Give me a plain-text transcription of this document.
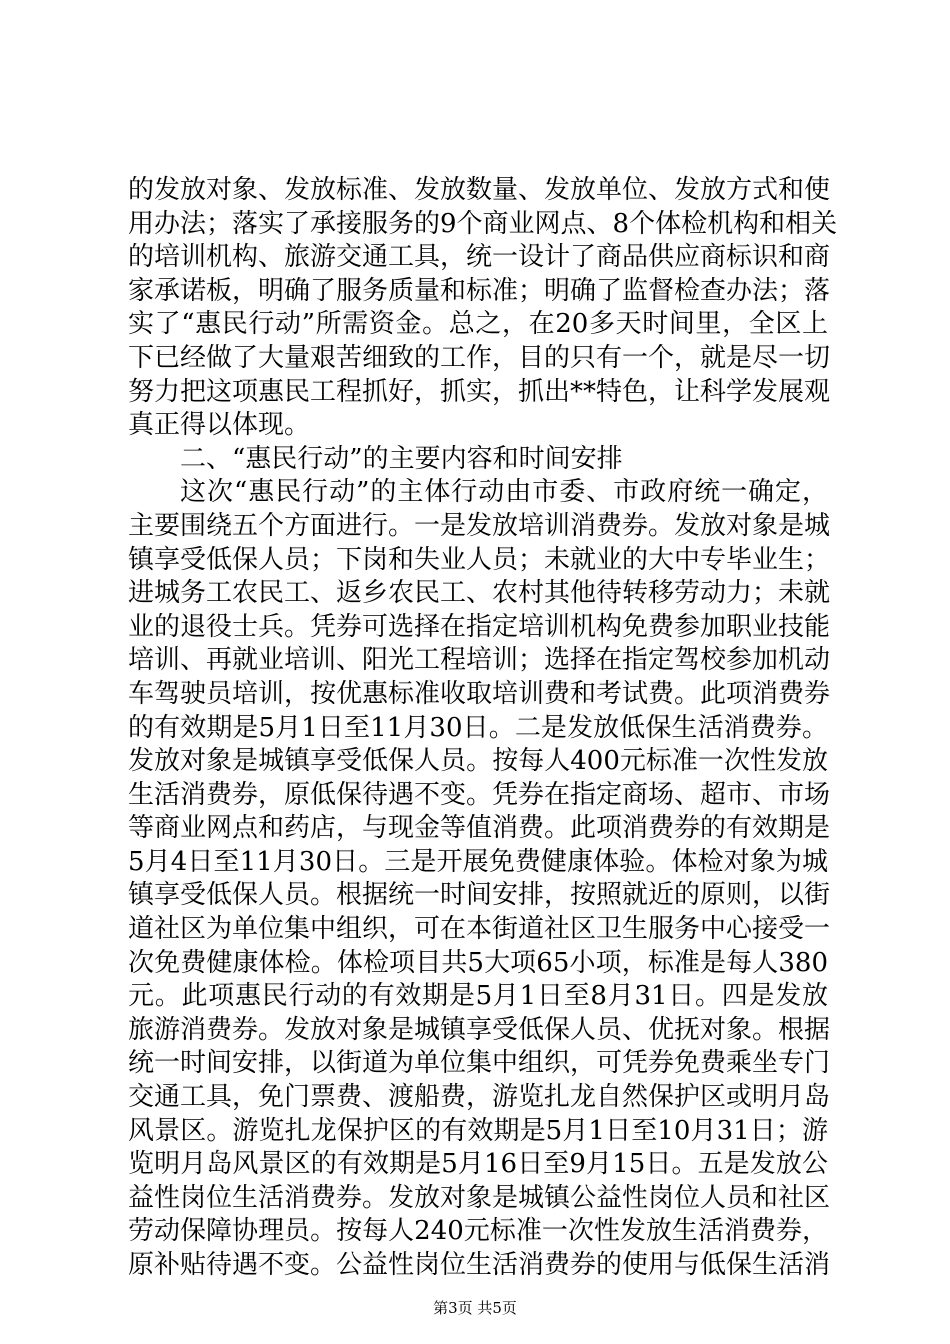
的发放对象、发放标准、发放数量、发放单位、发放方式和使
用办法；落实了承接服务的9个商业网点、8个体检机构和相关
的培训机构、旅游交通工具，统一设计了商品供应商标识和商
家承诺板，明确了服务质量和标准；明确了监督检查办法；落
实了“惠民行动”所需资金。总之，在20多天时间里，全区上
下已经做了大量艰苦细致的工作，目的只有一个，就是尽一切
努力把这项惠民工程抓好，抓实，抓出**特色，让科学发展观
真正得以体现。
二、“惠民行动”的主要内容和时间安排
这次“惠民行动”的主体行动由市委、市政府统一确定，
主要围绕五个方面进行。一是发放培训消费券。发放对象是城
镇享受低保人员；下岗和失业人员；未就业的大中专毕业生；
进城务工农民工、返乡农民工、农村其他待转移劳动力；未就
业的退役士兵。凭券可选择在指定培训机构免费参加职业技能
培训、再就业培训、阳光工程培训；选择在指定驾校参加机动
车驾驶员培训，按优惠标准收取培训费和考试费。此项消费券
的有效期是5月1日至11月30日。二是发放低保生活消费券。
发放对象是城镇享受低保人员。按每人400元标准一次性发放
生活消费券，原低保待遇不变。凭券在指定商场、超市、市场
等商业网点和药店，与现金等值消费。此项消费券的有效期是
5月4日至11月30日。三是开展免费健康体验。体检对象为城
镇享受低保人员。根据统一时间安排，按照就近的原则，以街
道社区为单位集中组织，可在本街道社区卫生服务中心接受一
次免费健康体检。体检项目共5大项65小项，标准是每人380
元。此项惠民行动的有效期是5月1日至8月31日。四是发放
旅游消费券。发放对象是城镇享受低保人员、优抚对象。根据
统一时间安排，以街道为单位集中组织，可凭券免费乘坐专门
交通工具，免门票费、渡船费，游览扎龙自然保护区或明月岛
风景区。游览扎龙保护区的有效期是5月1日至10月31日；游
览明月岛风景区的有效期是5月16日至9月15日。五是发放公
益性岗位生活消费券。发放对象是城镇公益性岗位人员和社区
劳动保障协理员。按每人240元标准一次性发放生活消费券，
原补贴待遇不变。公益性岗位生活消费券的使用与低保生活消
第3页 共5页
